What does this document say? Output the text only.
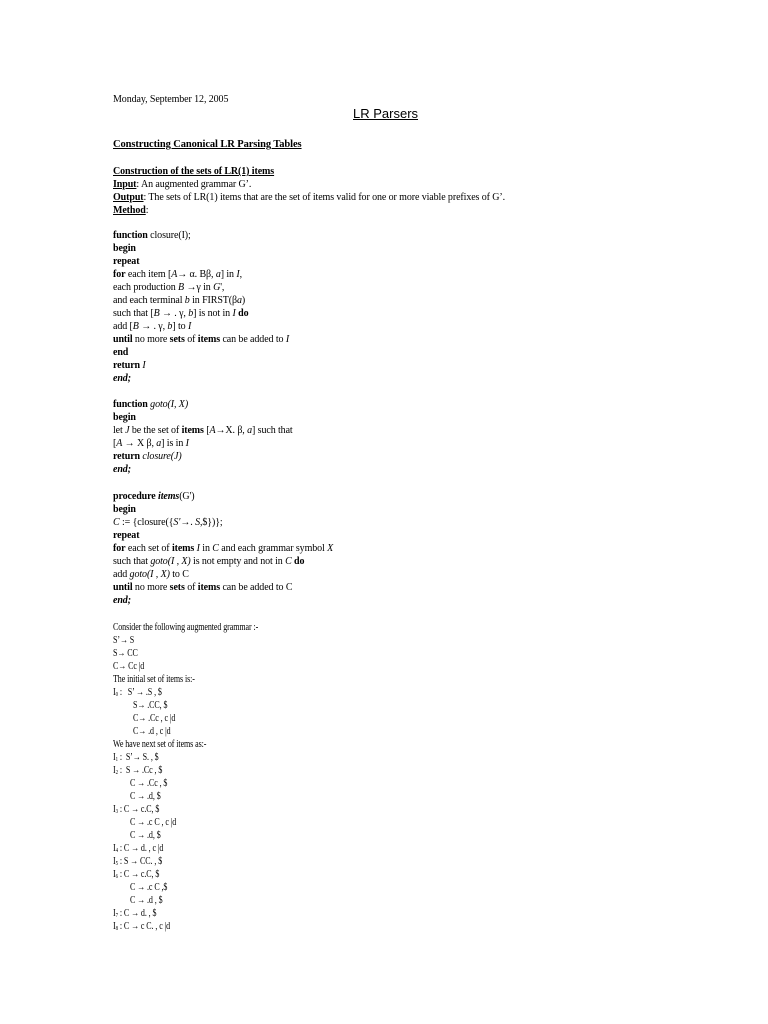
Monday, September 12, 2005
LR Parsers
Constructing Canonical LR Parsing Tables
Construction of the sets of LR(1) items
Input: An augmented grammar G’.
Output: The sets of LR(1) items that are the set of items valid for one or more viable prefixes of G’.
Method:
function closure(I);
begin
repeat
for each item [A→ α. Bβ, a] in I,
each production B →γ in G',
and each terminal b in FIRST(βa)
such that [B → . γ, b] is not in I do
add [B → . γ, b] to I
until no more sets of items can be added to I
end
return I
end;
function goto(I, X)
begin
let J be the set of items [A→X. β, a] such that
[A → X β, a] is in I
return closure(J)
end;
procedure items(G')
begin
C := {closure({S'→. S,$})};
repeat
for each set of items I in C and each grammar symbol X
such that goto(I , X) is not empty and not in C do
add goto(I , X) to C
until no more sets of items can be added to C
end;
Consider the following augmented grammar :-
S’→ S
S→ CC
C→ Cc |d
The initial set of items is:-
$I_0$ :   S’ → .S , $
S→ .CC, $
C→ .Cc , c |d
C→ .d , c |d
We have next set of items as:-
$I_1$ :  S’→ S. , $
$I_2$ :  S → .Cc , $
C → .Cc , $
C → .d, $
$I_3$ : C → c.C, $
C → .c C , c |d
C → .d, $
$I_4$ : C → d. , c |d
$I_5$ : S → CC. , $
$I_6$ : C → c.C, $
C → .c C ,$
C → .d , $
$I_7$ : C → d. , $
$I_8$ : C → c C. , c |d
